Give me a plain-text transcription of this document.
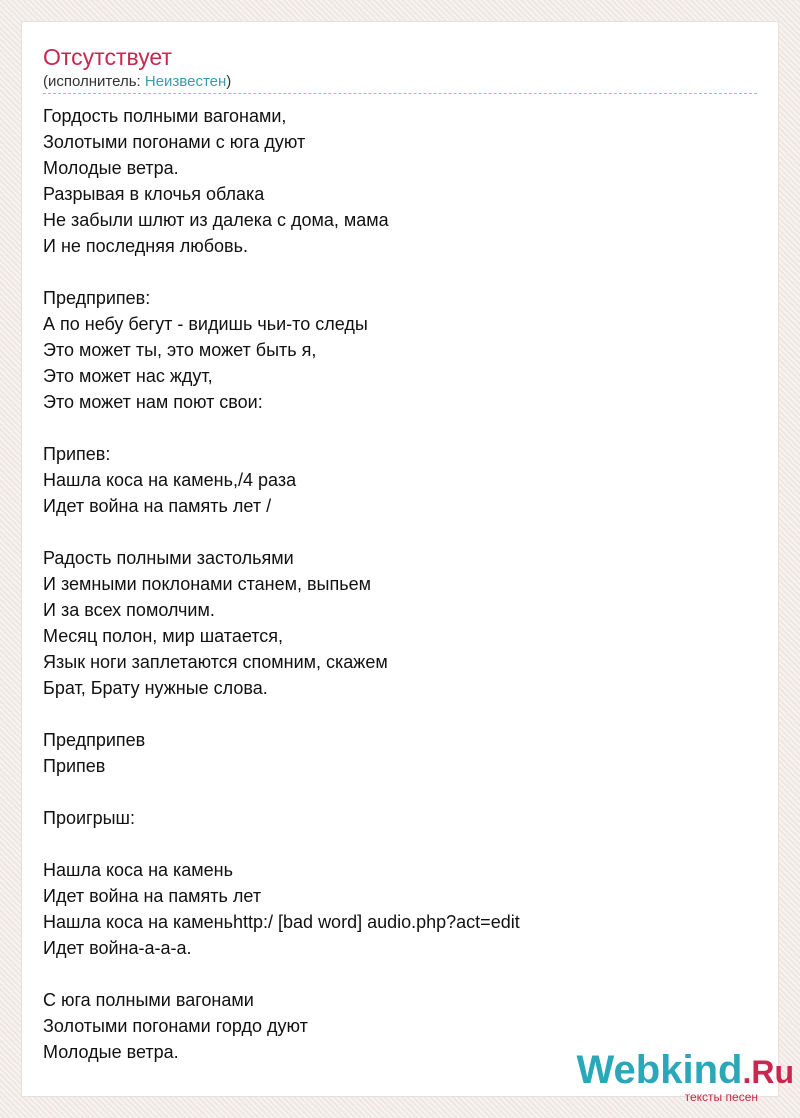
Отсутствует
(исполнитель: Неизвестен)
Гордость полными вагонами,
Золотыми погонами с юга дуют
Молодые ветра.
Разрывая в клочья облака
Не забыли шлют из далека с дома, мама
И не последняя любовь.
Предприпев:
А по небу бегут - видишь чьи-то следы
Это может ты, это может быть я,
Это может нас ждут,
Это может нам поют свои:
Припев:
Нашла коса на камень,/4 раза
Идет война на память лет /
Радость полными застольями
И земными поклонами станем, выпьем
И за всех помолчим.
Месяц полон, мир шатается,
Язык ноги заплетаются спомним, скажем
Брат, Брату нужные слова.
Предприпев
Припев
Проигрыш:
Нашла коса на камень
Идет война на память лет
Нашла коса на каменьhttp:/ [bad word] audio.php?act=edit
Идет война-а-а-а.
С юга полными вагонами
Золотыми погонами гордо дуют
Молодые ветра.	Webkind.Ru
тексты песен
